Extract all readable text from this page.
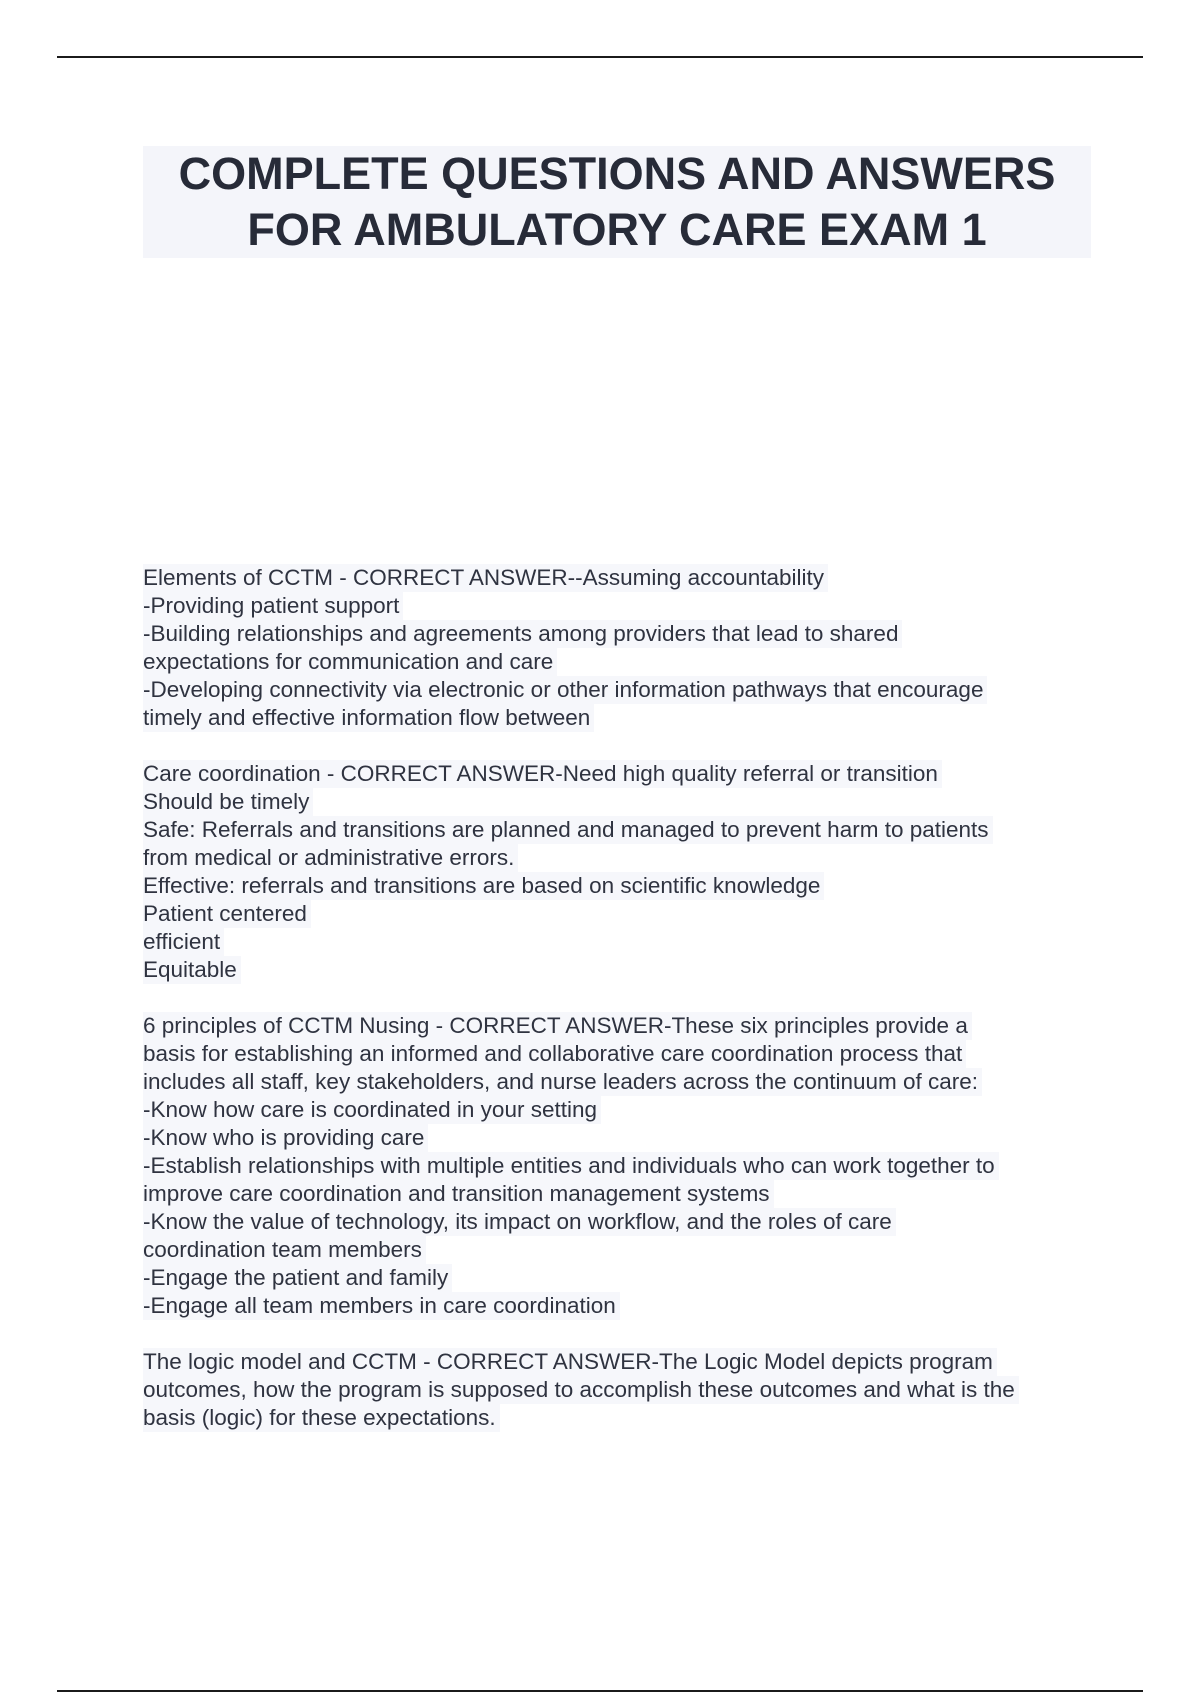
COMPLETE QUESTIONS AND ANSWERS
FOR AMBULATORY CARE EXAM 1
Elements of CCTM - CORRECT ANSWER--Assuming accountability
-Providing patient support
-Building relationships and agreements among providers that lead to shared
expectations for communication and care
-Developing connectivity via electronic or other information pathways that encourage
timely and effective information flow between
Care coordination - CORRECT ANSWER-Need high quality referral or transition
Should be timely
Safe: Referrals and transitions are planned and managed to prevent harm to patients
from medical or administrative errors.
Effective: referrals and transitions are based on scientific knowledge
Patient centered
efficient
Equitable
6 principles of CCTM Nusing - CORRECT ANSWER-These six principles provide a
basis for establishing an informed and collaborative care coordination process that
includes all staff, key stakeholders, and nurse leaders across the continuum of care:
-Know how care is coordinated in your setting
-Know who is providing care
-Establish relationships with multiple entities and individuals who can work together to
improve care coordination and transition management systems
-Know the value of technology, its impact on workflow, and the roles of care
coordination team members
-Engage the patient and family
-Engage all team members in care coordination
The logic model and CCTM - CORRECT ANSWER-The Logic Model depicts program
outcomes, how the program is supposed to accomplish these outcomes and what is the
basis (logic) for these expectations.
